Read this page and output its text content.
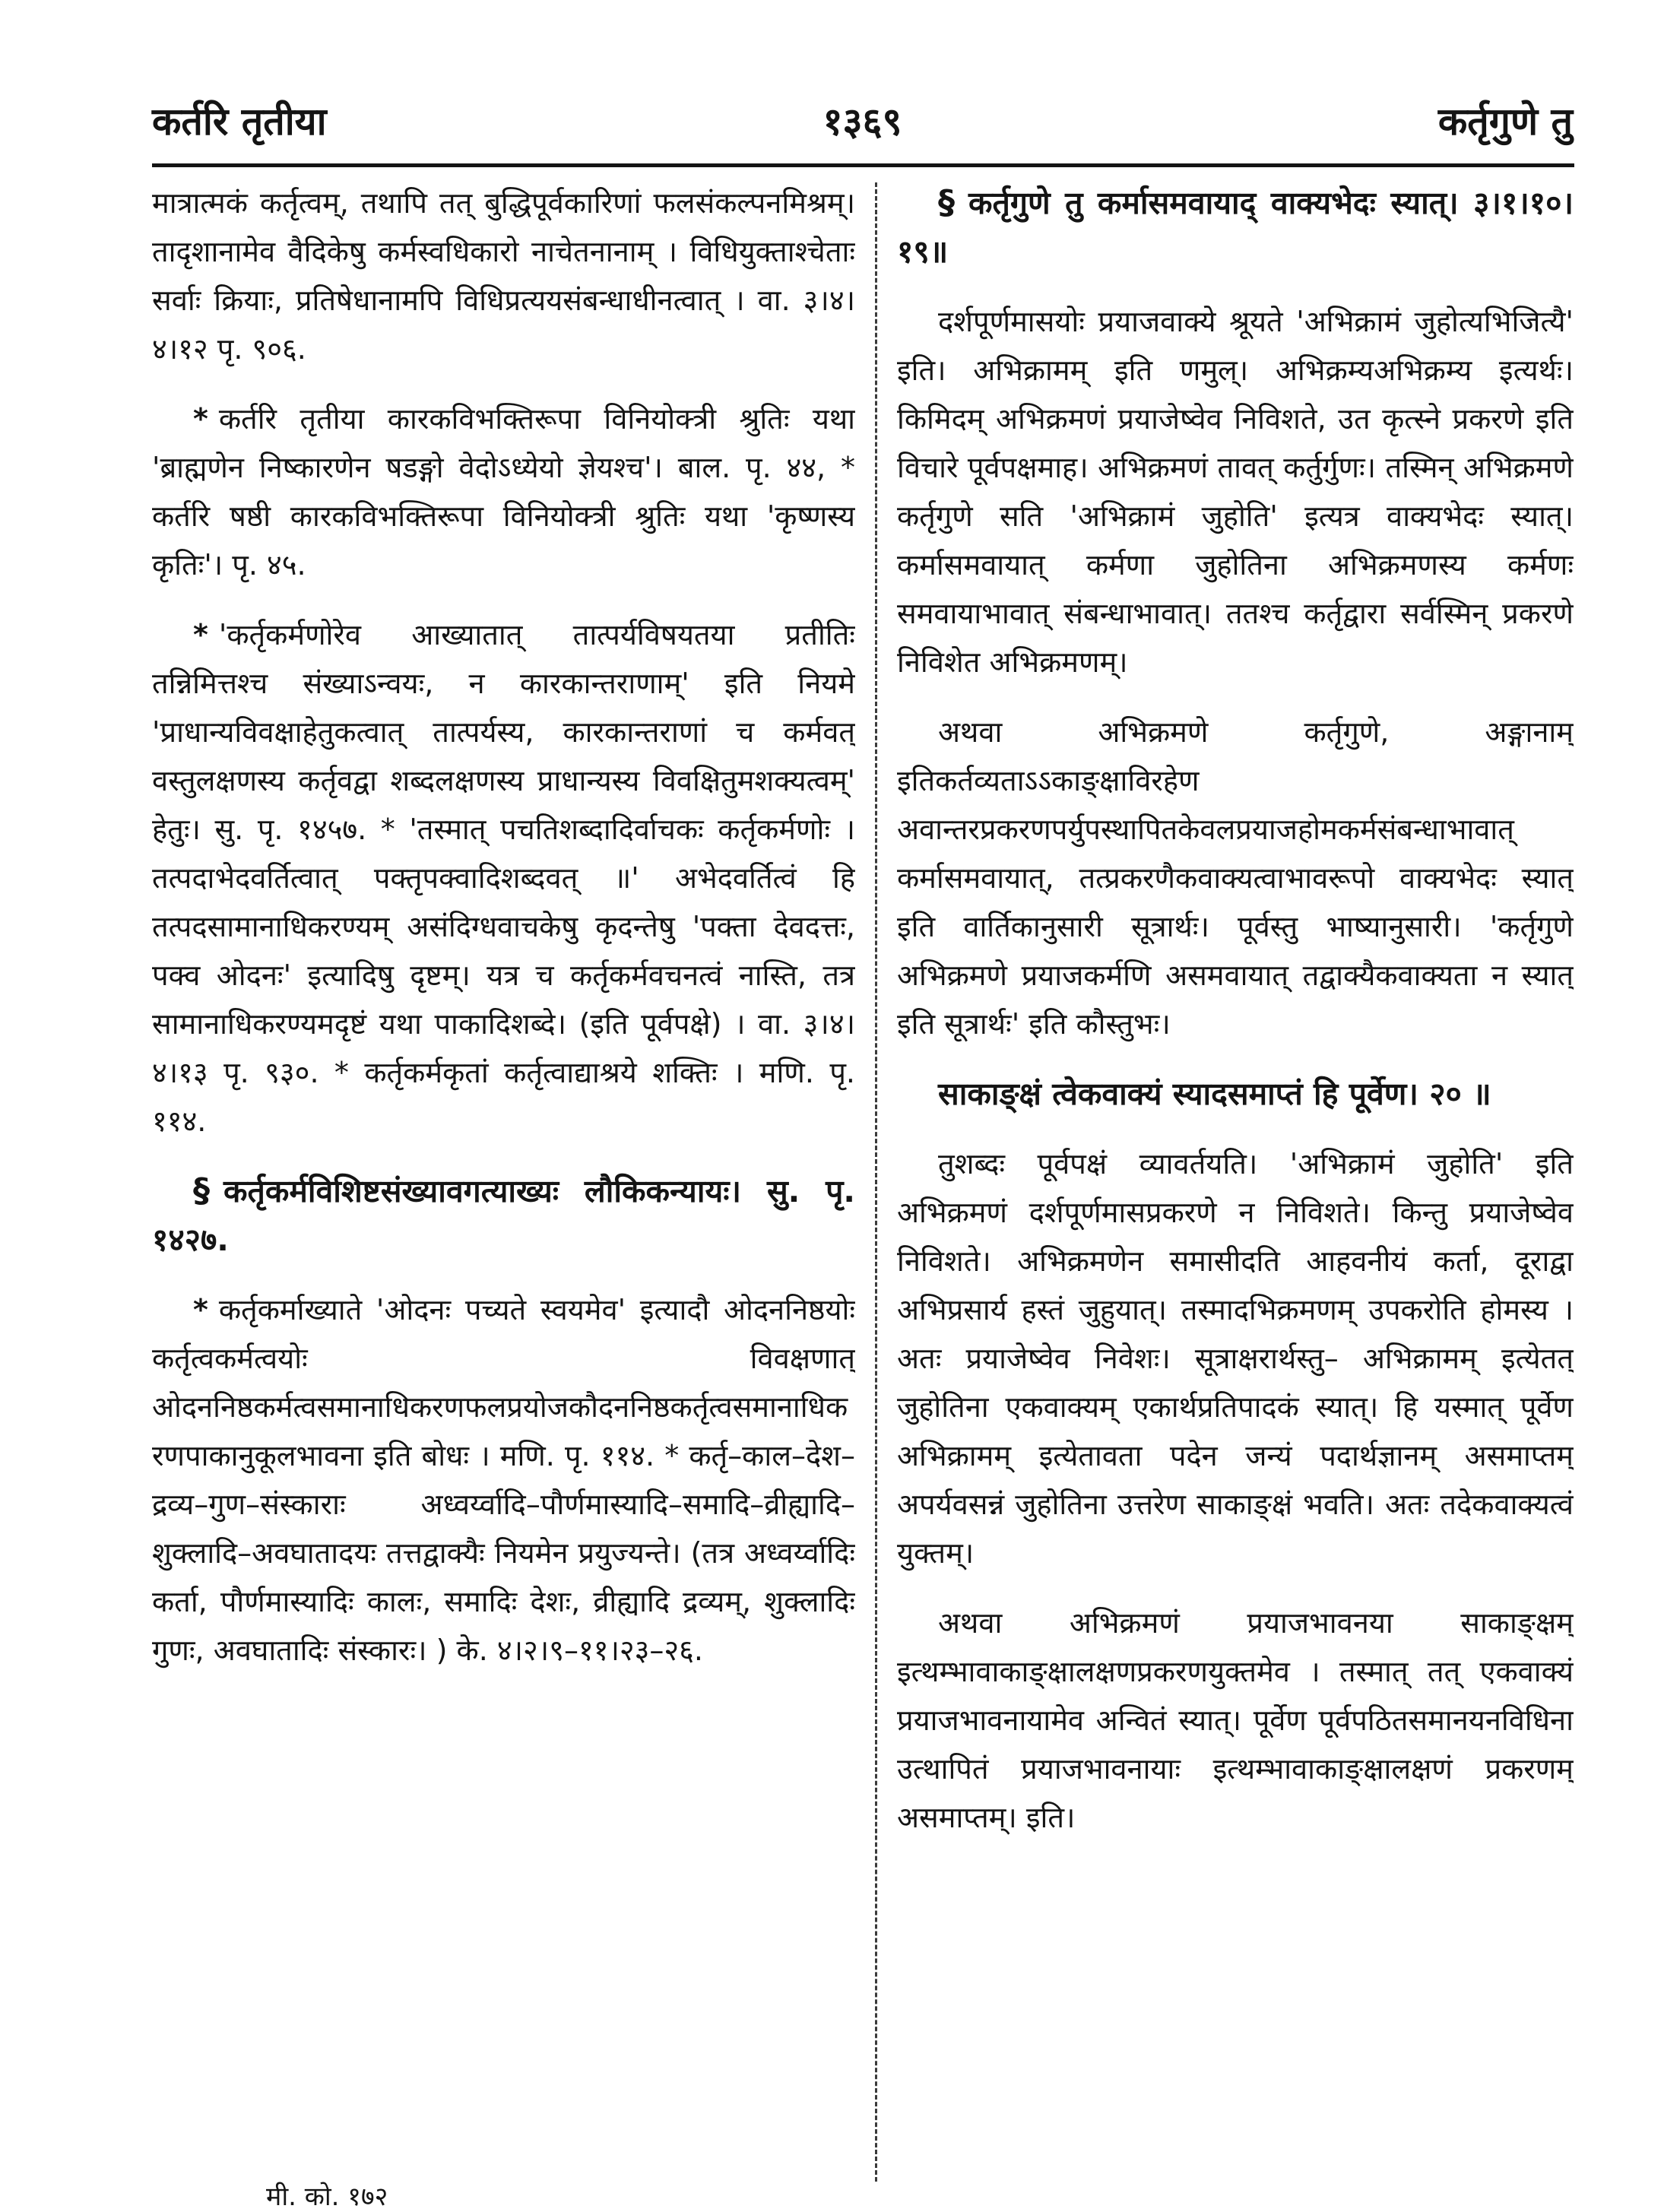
कर्तरि तृतीया	१३६९	कर्तृगुणे तु

मात्रात्मकं कर्तृत्वम्, तथापि तत् बुद्धिपूर्वकारिणां फलसंकल्पनमिश्रम्। तादृशानामेव वैदिकेषु कर्मस्वधिकारो नाचेतनानाम् । विधियुक्ताश्चेताः सर्वाः क्रियाः, प्रतिषेधानामपि विधिप्रत्ययसंबन्धाधीनत्वात् । वा. ३।४।४।१२ पृ. ९०६.

* कर्तरि तृतीया कारकविभक्तिरूपा विनियोक्त्री श्रुतिः यथा 'ब्राह्मणेन निष्कारणेन षडङ्गो वेदोऽध्येयो ज्ञेयश्च'। बाल. पृ. ४४, * कर्तरि षष्ठी कारकविभक्तिरूपा विनियोक्त्री श्रुतिः यथा 'कृष्णस्य कृतिः'। पृ. ४५.

* 'कर्तृकर्मणोरेव आख्यातात् तात्पर्यविषयतया प्रतीतिः तन्निमित्तश्च संख्याऽन्वयः, न कारकान्तराणाम्' इति नियमे 'प्राधान्यविवक्षाहेतुकत्वात् तात्पर्यस्य, कारकान्तराणां च कर्मवत् वस्तुलक्षणस्य कर्तृवद्वा शब्दलक्षणस्य प्राधान्यस्य विवक्षितुमशक्यत्वम्' हेतुः। सु. पृ. १४५७. * 'तस्मात् पचतिशब्दादिर्वाचकः कर्तृकर्मणोः । तत्पदाभेदवर्तित्वात् पक्तृपक्वादिशब्दवत् ॥' अभेदवर्तित्वं हि तत्पदसामानाधिकरण्यम् असंदिग्धवाचकेषु कृदन्तेषु 'पक्ता देवदत्तः, पक्व ओदनः' इत्यादिषु दृष्टम्। यत्र च कर्तृकर्मवचनत्वं नास्ति, तत्र सामानाधिकरण्यमदृष्टं यथा पाकादिशब्दे। (इति पूर्वपक्षे) । वा. ३।४।४।१३ पृ. ९३०. * कर्तृकर्मकृतां कर्तृत्वाद्याश्रये शक्तिः । मणि. पृ. ११४.

§ कर्तृकर्मविशिष्टसंख्यावगत्याख्यः लौकिकन्यायः। सु. पृ. १४२७.

* कर्तृकर्माख्याते 'ओदनः पच्यते स्वयमेव' इत्यादौ ओदननिष्ठयोः कर्तृत्वकर्मत्वयोः विवक्षणात् ओदननिष्ठकर्मत्वसमानाधिकरणफलप्रयोजकौदननिष्ठकर्तृत्वसमानाधिकरणपाकानुकूलभावना इति बोधः । मणि. पृ. ११४. * कर्तृ–काल–देश–द्रव्य–गुण–संस्काराः अध्वर्य्वादि–पौर्णमास्यादि–समादि–व्रीह्यादि–शुक्लादि–अवघातादयः तत्तद्वाक्यैः नियमेन प्रयुज्यन्ते। (तत्र अध्वर्य्वादिः कर्ता, पौर्णमास्यादिः कालः, समादिः देशः, व्रीह्यादि द्रव्यम्, शुक्लादिः गुणः, अवघातादिः संस्कारः। ) के. ४।२।९–११।२३–२६.

§ कर्तृगुणे तु कर्मासमवायाद् वाक्यभेदः स्यात्। ३।१।१०।१९॥

दर्शपूर्णमासयोः प्रयाजवाक्ये श्रूयते 'अभिक्रामं जुहोत्यभिजित्यै' इति। अभिक्रामम् इति णमुल्। अभिक्रम्यअभिक्रम्य इत्यर्थः। किमिदम् अभिक्रमणं प्रयाजेष्वेव निविशते, उत कृत्स्ने प्रकरणे इति विचारे पूर्वपक्षमाह। अभिक्रमणं तावत् कर्तुर्गुणः। तस्मिन् अभिक्रमणे कर्तृगुणे सति 'अभिक्रामं जुहोति' इत्यत्र वाक्यभेदः स्यात्। कर्मासमवायात् कर्मणा जुहोतिना अभिक्रमणस्य कर्मणः समवायाभावात् संबन्धाभावात्। ततश्च कर्तृद्वारा सर्वस्मिन् प्रकरणे निविशेत अभिक्रमणम्।

अथवा अभिक्रमणे कर्तृगुणे, अङ्गानाम् इतिकर्तव्यताऽऽकाङ्क्षाविरहेण अवान्तरप्रकरणपर्युपस्थापितकेवलप्रयाजहोमकर्मसंबन्धाभावात् कर्मासमवायात्, तत्प्रकरणैकवाक्यत्वाभावरूपो वाक्यभेदः स्यात् इति वार्तिकानुसारी सूत्रार्थः। पूर्वस्तु भाष्यानुसारी। 'कर्तृगुणे अभिक्रमणे प्रयाजकर्मणि असमवायात् तद्वाक्यैकवाक्यता न स्यात् इति सूत्रार्थः' इति कौस्तुभः।

साकाङ्क्षं त्वेकवाक्यं स्यादसमाप्तं हि पूर्वेण। २० ॥

तुशब्दः पूर्वपक्षं व्यावर्तयति। 'अभिक्रामं जुहोति' इति अभिक्रमणं दर्शपूर्णमासप्रकरणे न निविशते। किन्तु प्रयाजेष्वेव निविशते। अभिक्रमणेन समासीदति आहवनीयं कर्ता, दूराद्वा अभिप्रसार्य हस्तं जुहुयात्। तस्मादभिक्रमणम् उपकरोति होमस्य । अतः प्रयाजेष्वेव निवेशः। सूत्राक्षरार्थस्तु– अभिक्रामम् इत्येतत् जुहोतिना एकवाक्यम् एकार्थप्रतिपादकं स्यात्। हि यस्मात् पूर्वेण अभिक्रामम् इत्येतावता पदेन जन्यं पदार्थज्ञानम् असमाप्तम् अपर्यवसन्नं जुहोतिना उत्तरेण साकाङ्क्षं भवति। अतः तदेकवाक्यत्वं युक्तम्।

अथवा अभिक्रमणं प्रयाजभावनया साकाङ्क्षम् इत्थम्भावाकाङ्क्षालक्षणप्रकरणयुक्तमेव । तस्मात् तत् एकवाक्यं प्रयाजभावनायामेव अन्वितं स्यात्। पूर्वेण पूर्वपठितसमानयनविधिना उत्थापितं प्रयाजभावनायाः इत्थम्भावाकाङ्क्षालक्षणं प्रकरणम् असमाप्तम्। इति।

मी. को. १७२
